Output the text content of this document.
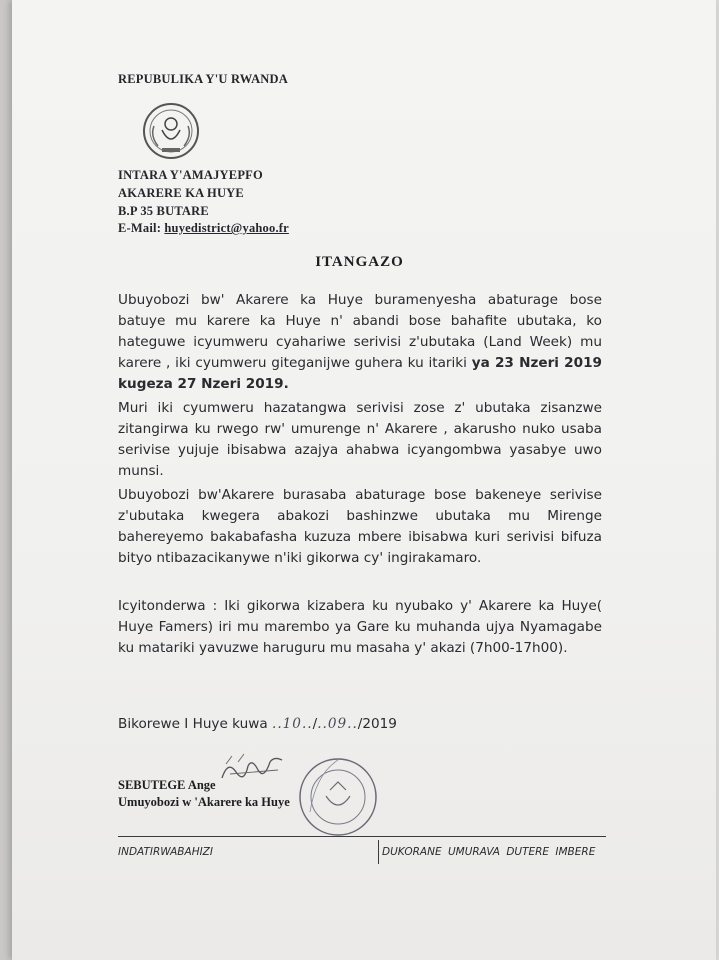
REPUBULIKA Y'U RWANDA
INTARA Y'AMAJYEPFO
AKARERE KA HUYE
B.P 35 BUTARE
E-Mail: huyedistrict@yahoo.fr
ITANGAZO

Ubuyobozi bw' Akarere ka Huye buramenyesha abaturage bose batuye mu karere ka Huye n' abandi bose bahafite ubutaka, ko hateguwe icyumweru cyahariwe serivisi z'ubutaka (Land Week) mu karere , iki cyumweru giteganijwe guhera ku itariki ya 23 Nzeri 2019 kugeza 27 Nzeri 2019.

Muri iki cyumweru hazatangwa serivisi zose z' ubutaka zisanzwe zitangirwa ku rwego rw' umurenge n' Akarere , akarusho nuko usaba serivise yujuje ibisabwa azajya ahabwa icyangombwa yasabye uwo munsi.

Ubuyobozi bw'Akarere burasaba abaturage bose bakeneye serivise z'ubutaka kwegera abakozi bashinzwe ubutaka mu Mirenge bahereyemo bakabafasha kuzuza mbere ibisabwa kuri serivisi bifuza bityo ntibazacikanywe n'iki gikorwa cy' ingirakamaro.

Icyitonderwa : Iki gikorwa kizabera ku nyubako y' Akarere ka Huye( Huye Famers) iri mu marembo ya Gare ku muhanda ujya Nyamagabe ku matariki yavuzwe haruguru mu masaha y' akazi (7h00-17h00).

Bikorewe I Huye kuwa ..10../..09../2019
SEBUTEGE Ange
Umuyobozi w 'Akarere ka Huye
INDATIRWABAHIZI	DUKORANE UMURAVA DUTERE IMBERE
